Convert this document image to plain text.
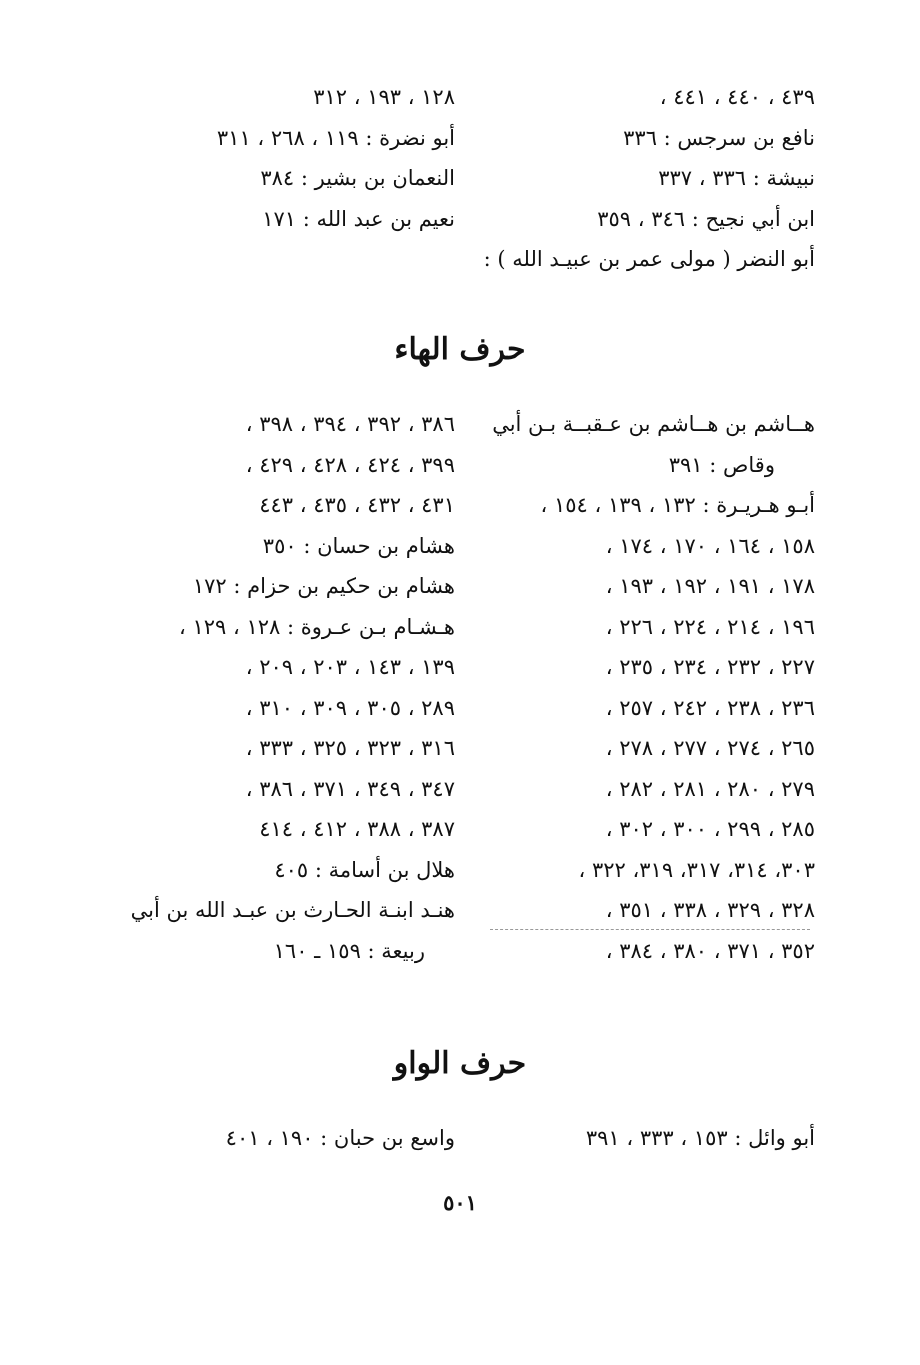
٤٣٩ ، ٤٤٠ ، ٤٤١ ،
نافع بن سرجس : ٣٣٦
نبيشة : ٣٣٦ ، ٣٣٧
ابن أبي نجيح : ٣٤٦ ، ٣٥٩
أبو النضر ( مولى عمر بن عبيـد الله ) :
١٢٨ ، ١٩٣ ، ٣١٢
أبو نضرة : ١١٩ ، ٢٦٨ ، ٣١١
النعمان بن بشير : ٣٨٤
نعيم بن عبد الله : ١٧١
حرف الهاء
هــاشم بن هــاشم بن عـقبــة بـن أبي
وقاص : ٣٩١
أبـو هـريـرة : ١٣٢ ، ١٣٩ ، ١٥٤ ،
١٥٨ ، ١٦٤ ، ١٧٠ ، ١٧٤ ،
١٧٨ ، ١٩١ ، ١٩٢ ، ١٩٣ ،
١٩٦ ، ٢١٤ ، ٢٢٤ ، ٢٢٦ ،
٢٢٧ ، ٢٣٢ ، ٢٣٤ ، ٢٣٥ ،
٢٣٦ ، ٢٣٨ ، ٢٤٢ ، ٢٥٧ ،
٢٦٥ ، ٢٧٤ ، ٢٧٧ ، ٢٧٨ ،
٢٧٩ ، ٢٨٠ ، ٢٨١ ، ٢٨٢ ،
٢٨٥ ، ٢٩٩ ، ٣٠٠ ، ٣٠٢ ،
٣٠٣، ٣١٤، ٣١٧، ٣١٩، ٣٢٢ ،
٣٢٨ ، ٣٢٩ ، ٣٣٨ ، ٣٥١ ،
٣٥٢ ، ٣٧١ ، ٣٨٠ ، ٣٨٤ ،
٣٨٦ ، ٣٩٢ ، ٣٩٤ ، ٣٩٨ ،
٣٩٩ ، ٤٢٤ ، ٤٢٨ ، ٤٢٩ ،
٤٣١ ، ٤٣٢ ، ٤٣٥ ، ٤٤٣
هشام بن حسان : ٣٥٠
هشام بن حكيم بن حزام : ١٧٢
هـشـام بـن عـروة : ١٢٨ ، ١٢٩ ،
١٣٩ ، ١٤٣ ، ٢٠٣ ، ٢٠٩ ،
٢٨٩ ، ٣٠٥ ، ٣٠٩ ، ٣١٠ ،
٣١٦ ، ٣٢٣ ، ٣٢٥ ، ٣٣٣ ،
٣٤٧ ، ٣٤٩ ، ٣٧١ ، ٣٨٦ ،
٣٨٧ ، ٣٨٨ ، ٤١٢ ، ٤١٤
هلال بن أسامة : ٤٠٥
هنـد ابنـة الحـارث بن عبـد الله بن أبي
ربيعة : ١٥٩ ـ ١٦٠
حرف الواو
أبو وائل : ١٥٣ ، ٣٣٣ ، ٣٩١
واسع بن حبان : ١٩٠ ، ٤٠١
٥٠١
